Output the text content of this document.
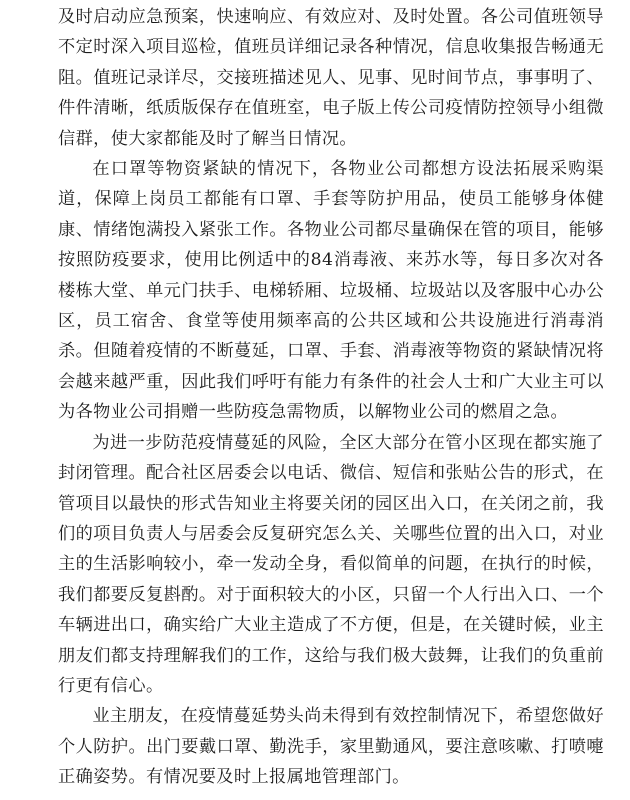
及时启动应急预案，快速响应、有效应对、及时处置。各公司值班领导不定时深入项目巡检，值班员详细记录各种情况，信息收集报告畅通无阻。值班记录详尽，交接班描述见人、见事、见时间节点，事事明了、件件清晰，纸质版保存在值班室，电子版上传公司疫情防控领导小组微信群，使大家都能及时了解当日情况。

在口罩等物资紧缺的情况下，各物业公司都想方设法拓展采购渠道，保障上岗员工都能有口罩、手套等防护用品，使员工能够身体健康、情绪饱满投入紧张工作。各物业公司都尽量确保在管的项目，能够按照防疫要求，使用比例适中的84消毒液、来苏水等，每日多次对各楼栋大堂、单元门扶手、电梯轿厢、垃圾桶、垃圾站以及客服中心办公区，员工宿舍、食堂等使用频率高的公共区域和公共设施进行消毒消杀。但随着疫情的不断蔓延，口罩、手套、消毒液等物资的紧缺情况将会越来越严重，因此我们呼吁有能力有条件的社会人士和广大业主可以为各物业公司捐赠一些防疫急需物质，以解物业公司的燃眉之急。

为进一步防范疫情蔓延的风险，全区大部分在管小区现在都实施了封闭管理。配合社区居委会以电话、微信、短信和张贴公告的形式，在管项目以最快的形式告知业主将要关闭的园区出入口，在关闭之前，我们的项目负责人与居委会反复研究怎么关、关哪些位置的出入口，对业主的生活影响较小，牵一发动全身，看似简单的问题，在执行的时候，我们都要反复斟酌。对于面积较大的小区，只留一个人行出入口、一个车辆进出口，确实给广大业主造成了不方便，但是，在关键时候，业主朋友们都支持理解我们的工作，这给与我们极大鼓舞，让我们的负重前行更有信心。

业主朋友，在疫情蔓延势头尚未得到有效控制情况下，希望您做好个人防护。出门要戴口罩、勤洗手，家里勤通风，要注意咳嗽、打喷嚏正确姿势。有情况要及时上报属地管理部门。
